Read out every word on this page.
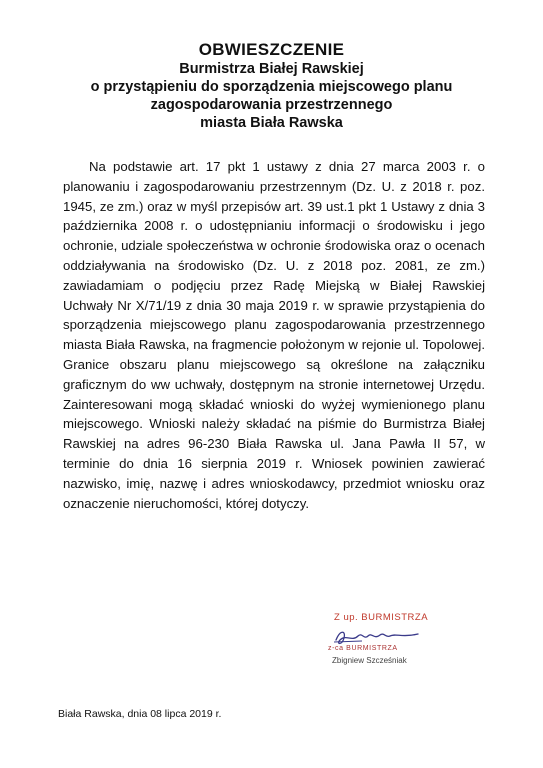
OBWIESZCZENIE
Burmistrza Białej Rawskiej
o przystąpieniu do sporządzenia miejscowego planu
zagospodarowania przestrzennego
miasta Biała Rawska

Na podstawie art. 17 pkt 1 ustawy z dnia 27 marca 2003 r. o planowaniu i zagospodarowaniu przestrzennym (Dz. U. z 2018 r. poz. 1945, ze zm.) oraz w myśl przepisów art. 39 ust.1 pkt 1 Ustawy z dnia 3 października 2008 r. o udostępnianiu informacji o środowisku i jego ochronie, udziale społeczeństwa w ochronie środowiska oraz o ocenach oddziaływania na środowisko (Dz. U. z 2018 poz. 2081, ze zm.) zawiadamiam o podjęciu przez Radę Miejską w Białej Rawskiej Uchwały Nr X/71/19 z dnia 30 maja 2019 r. w sprawie przystąpienia do sporządzenia miejscowego planu zagospodarowania przestrzennego miasta Biała Rawska, na fragmencie położonym w rejonie ul. Topolowej. Granice obszaru planu miejscowego są określone na załączniku graficznym do ww uchwały, dostępnym na stronie internetowej Urzędu. Zainteresowani mogą składać wnioski do wyżej wymienionego planu miejscowego. Wnioski należy składać na piśmie do Burmistrza Białej Rawskiej na adres 96-230 Biała Rawska ul. Jana Pawła II 57, w terminie do dnia 16 sierpnia 2019 r. Wniosek powinien zawierać nazwisko, imię, nazwę i adres wnioskodawcy, przedmiot wniosku oraz oznaczenie nieruchomości, której dotyczy.

Z up. BURMISTRZA
z-ca BURMISTRZA
Zbigniew Szcześniak
Biała Rawska, dnia 08 lipca 2019 r.
